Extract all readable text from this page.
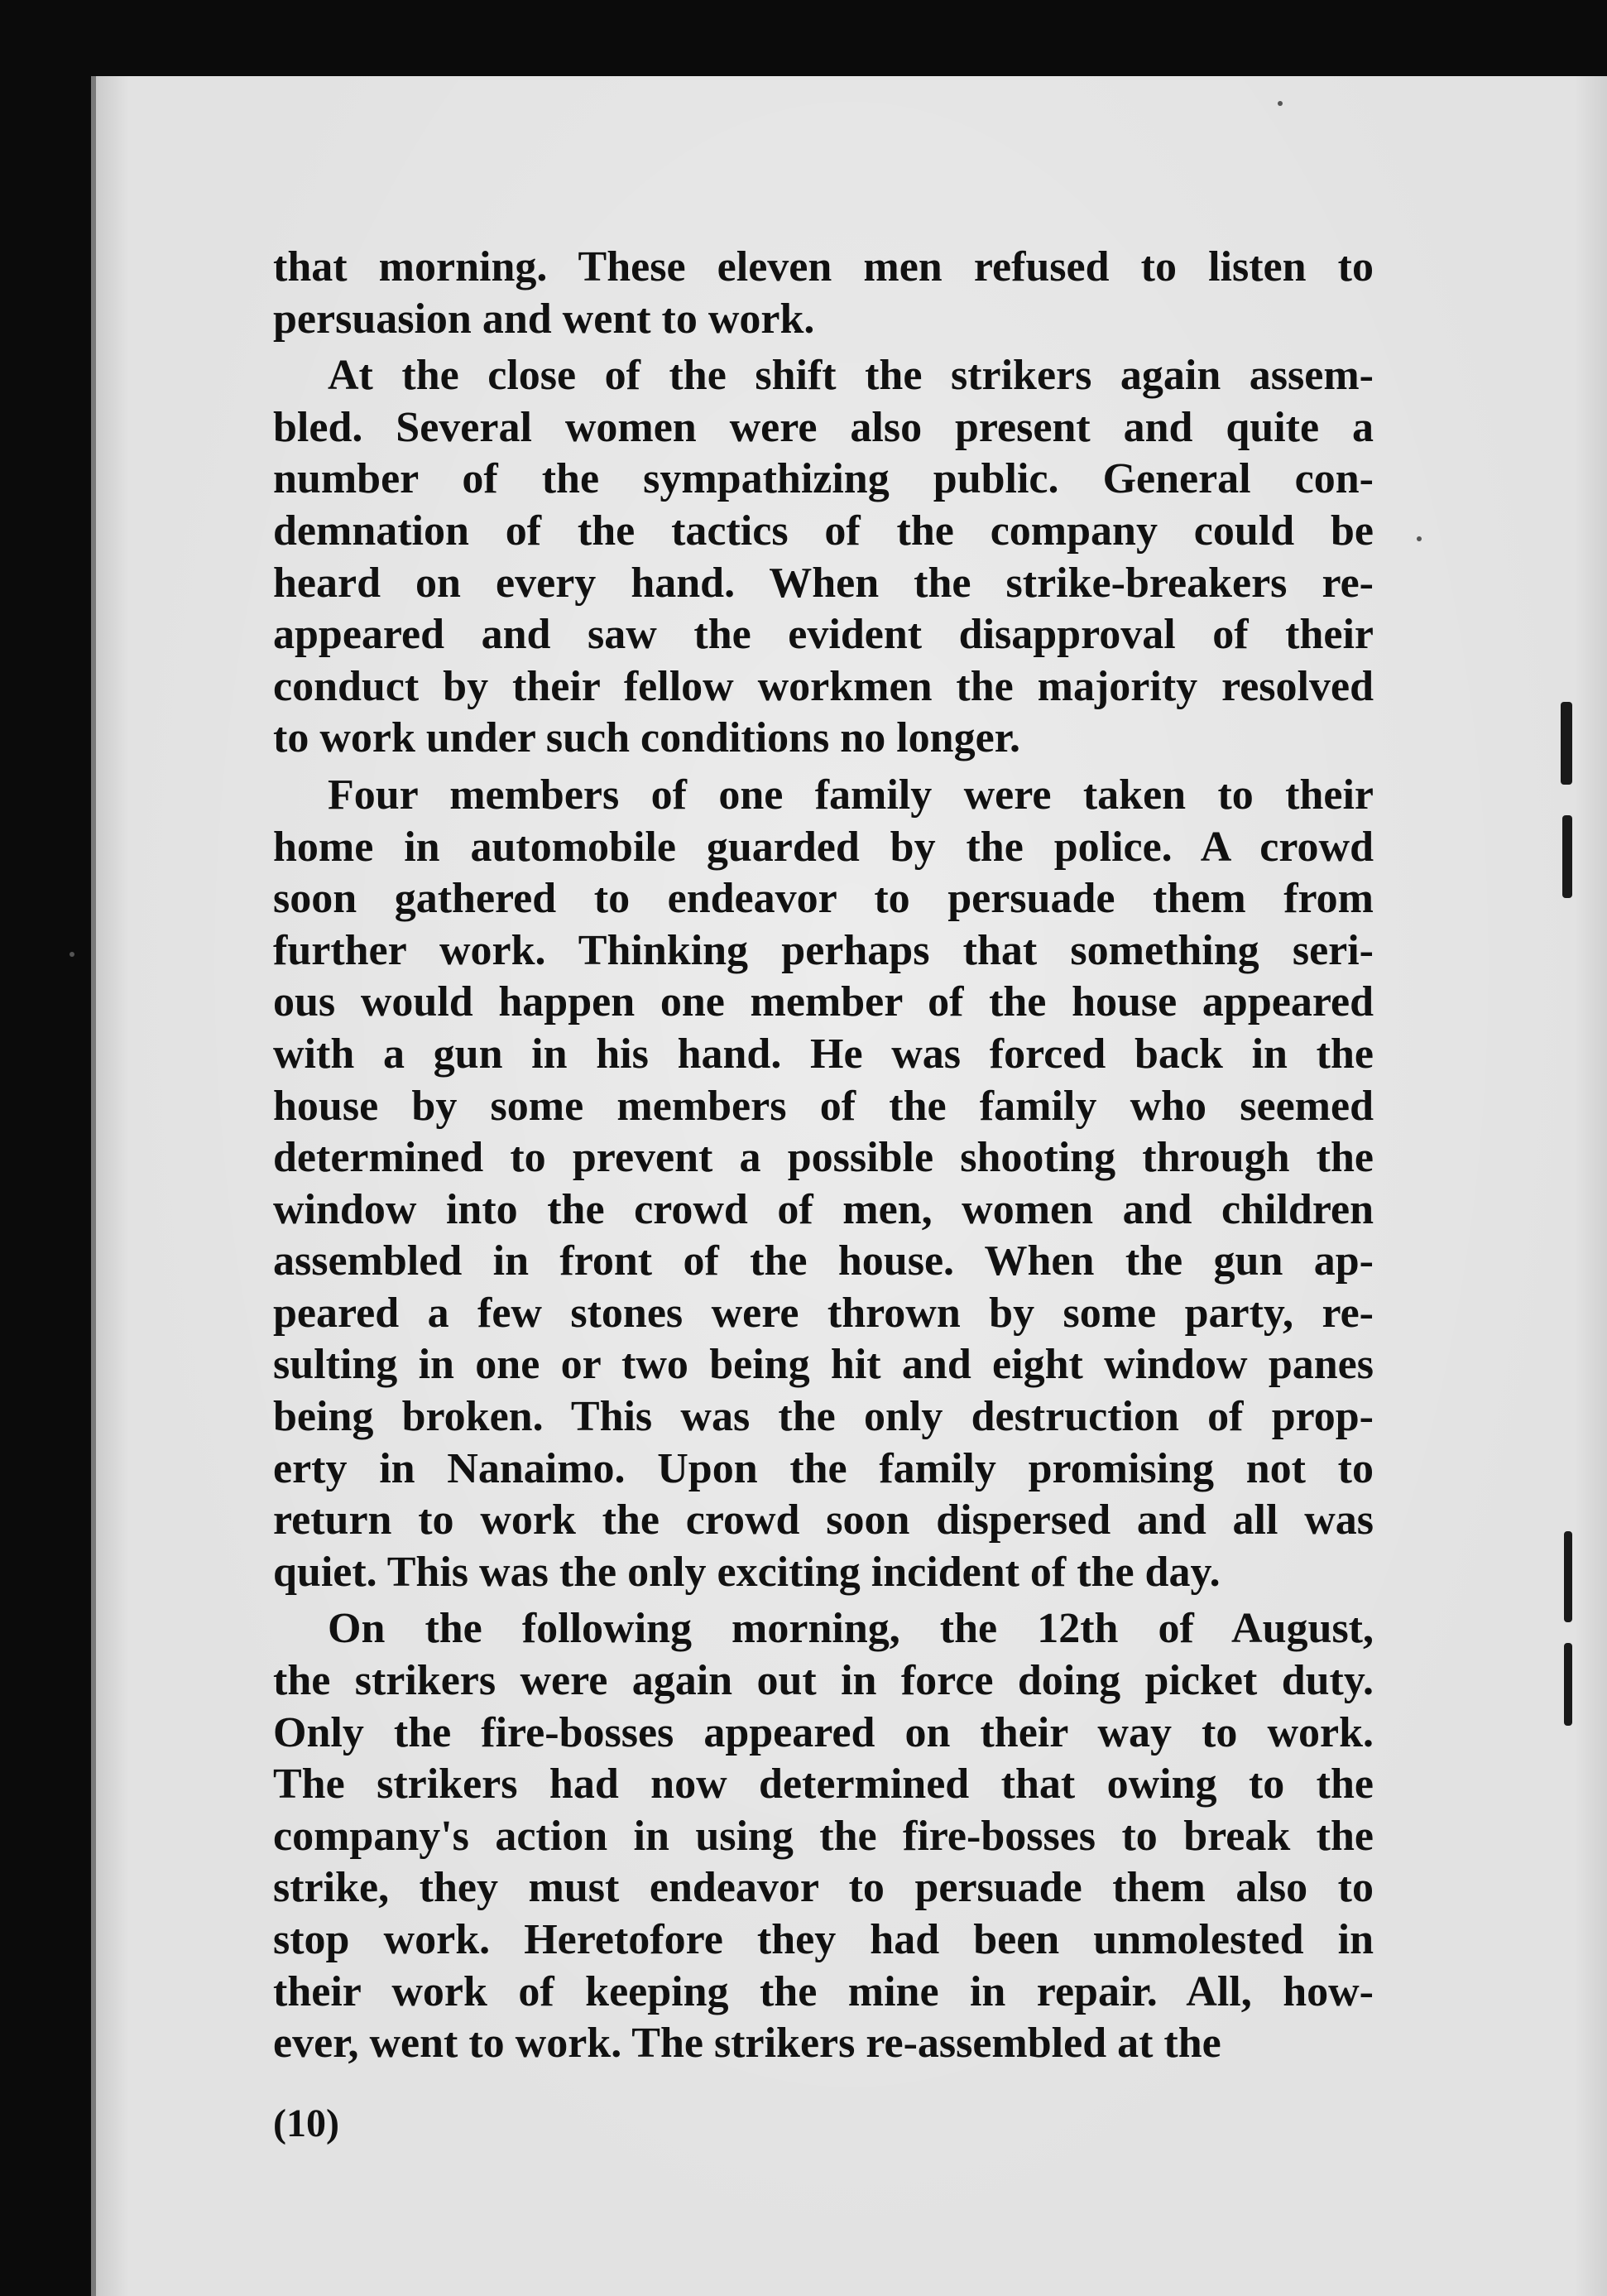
that morning. These eleven men refused to listen to
persuasion and went to work.
At the close of the shift the strikers again assem-
bled. Several women were also present and quite a
number of the sympathizing public. General con-
demnation of the tactics of the company could be
heard on every hand. When the strike-breakers re-
appeared and saw the evident disapproval of their
conduct by their fellow workmen the majority resolved
to work under such conditions no longer.
Four members of one family were taken to their
home in automobile guarded by the police. A crowd
soon gathered to endeavor to persuade them from
further work. Thinking perhaps that something seri-
ous would happen one member of the house appeared
with a gun in his hand. He was forced back in the
house by some members of the family who seemed
determined to prevent a possible shooting through the
window into the crowd of men, women and children
assembled in front of the house. When the gun ap-
peared a few stones were thrown by some party, re-
sulting in one or two being hit and eight window panes
being broken. This was the only destruction of prop-
erty in Nanaimo. Upon the family promising not to
return to work the crowd soon dispersed and all was
quiet. This was the only exciting incident of the day.
On the following morning, the 12th of August,
the strikers were again out in force doing picket duty.
Only the fire-bosses appeared on their way to work.
The strikers had now determined that owing to the
company's action in using the fire-bosses to break the
strike, they must endeavor to persuade them also to
stop work. Heretofore they had been unmolested in
their work of keeping the mine in repair. All, how-
ever, went to work. The strikers re-assembled at the
(10)
